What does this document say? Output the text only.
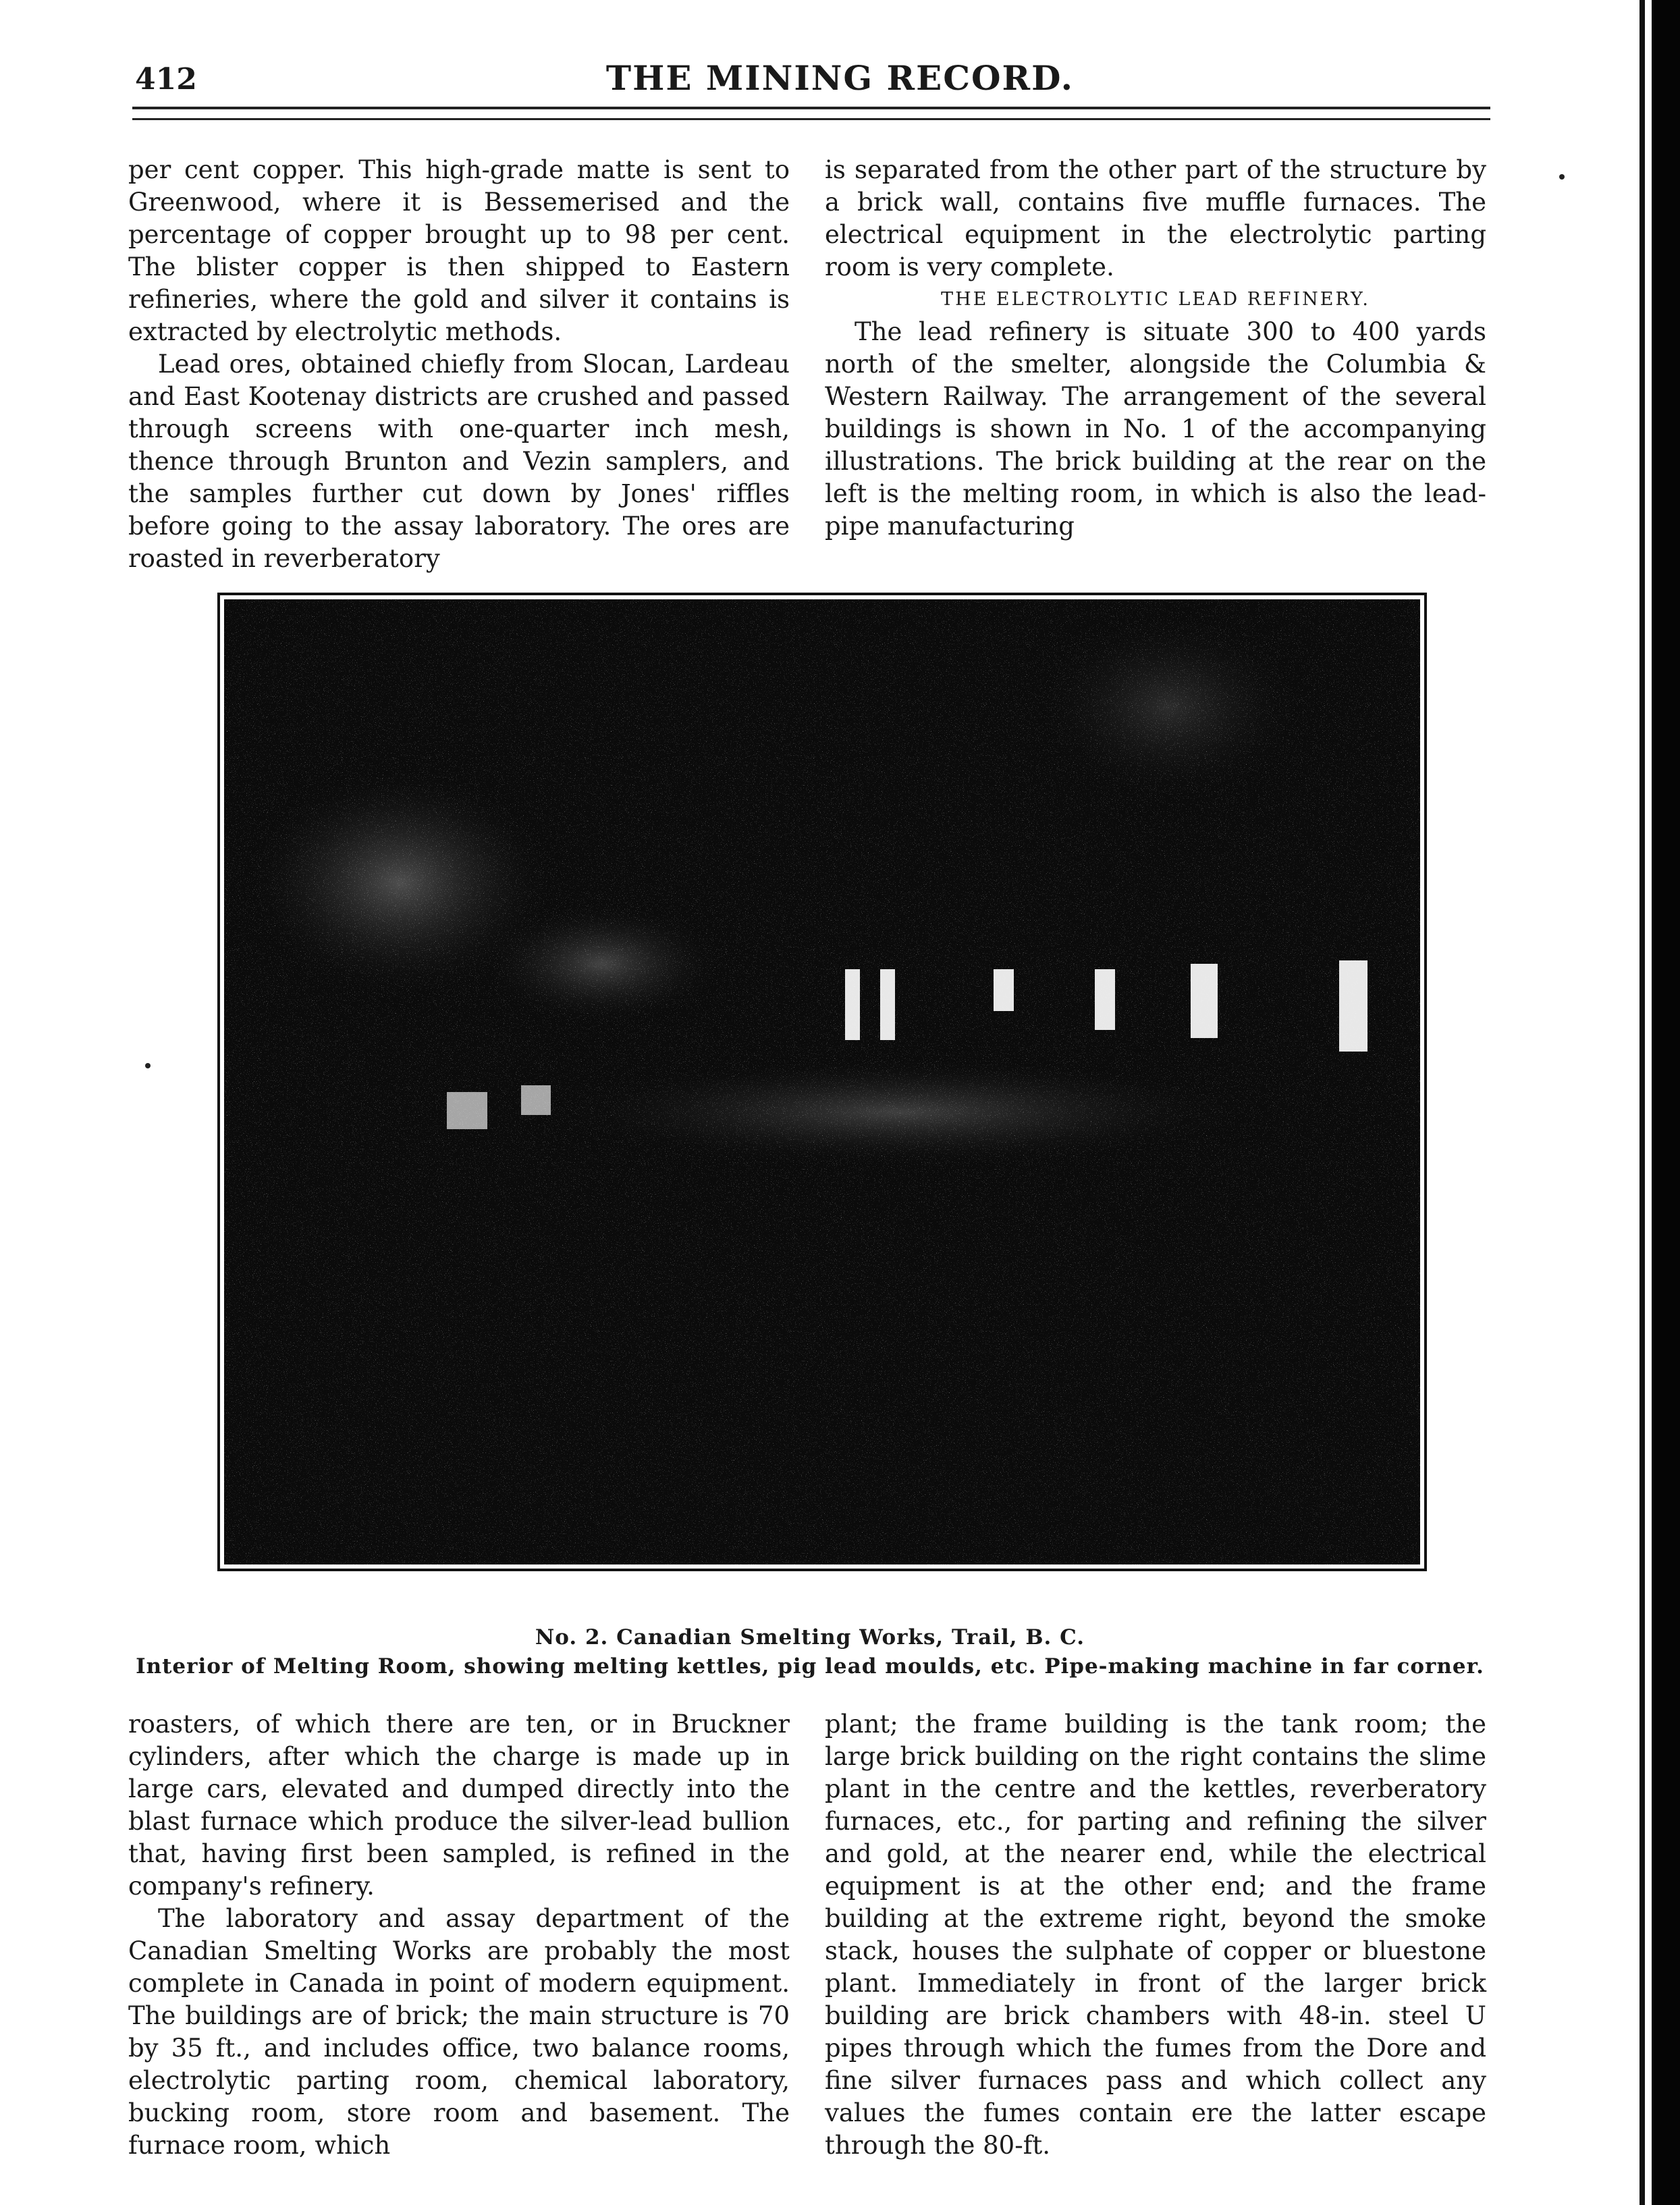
412	THE MINING RECORD.

per cent copper. This high-grade matte is sent to Greenwood, where it is Bessemerised and the percentage of copper brought up to 98 per cent. The blister copper is then shipped to Eastern refineries, where the gold and silver it contains is extracted by electrolytic methods.

Lead ores, obtained chiefly from Slocan, Lardeau and East Kootenay districts are crushed and passed through screens with one-quarter inch mesh, thence through Brunton and Vezin samplers, and the samples further cut down by Jones' riffles before going to the assay laboratory. The ores are roasted in reverberatory

is separated from the other part of the structure by a brick wall, contains five muffle furnaces. The electrical equipment in the electrolytic parting room is very complete.

THE ELECTROLYTIC LEAD REFINERY.

The lead refinery is situate 300 to 400 yards north of the smelter, alongside the Columbia & Western Railway. The arrangement of the several buildings is shown in No. 1 of the accompanying illustrations. The brick building at the rear on the left is the melting room, in which is also the lead-pipe manufacturing

No. 2. Canadian Smelting Works, Trail, B. C.
Interior of Melting Room, showing melting kettles, pig lead moulds, etc. Pipe-making machine in far corner.

roasters, of which there are ten, or in Bruckner cylinders, after which the charge is made up in large cars, elevated and dumped directly into the blast furnace which produce the silver-lead bullion that, having first been sampled, is refined in the company's refinery.

The laboratory and assay department of the Canadian Smelting Works are probably the most complete in Canada in point of modern equipment. The buildings are of brick; the main structure is 70 by 35 ft., and includes office, two balance rooms, electrolytic parting room, chemical laboratory, bucking room, store room and basement. The furnace room, which

plant; the frame building is the tank room; the large brick building on the right contains the slime plant in the centre and the kettles, reverberatory furnaces, etc., for parting and refining the silver and gold, at the nearer end, while the electrical equipment is at the other end; and the frame building at the extreme right, beyond the smoke stack, houses the sulphate of copper or bluestone plant. Immediately in front of the larger brick building are brick chambers with 48-in. steel U pipes through which the fumes from the Dore and fine silver furnaces pass and which collect any values the fumes contain ere the latter escape through the 80-ft.
